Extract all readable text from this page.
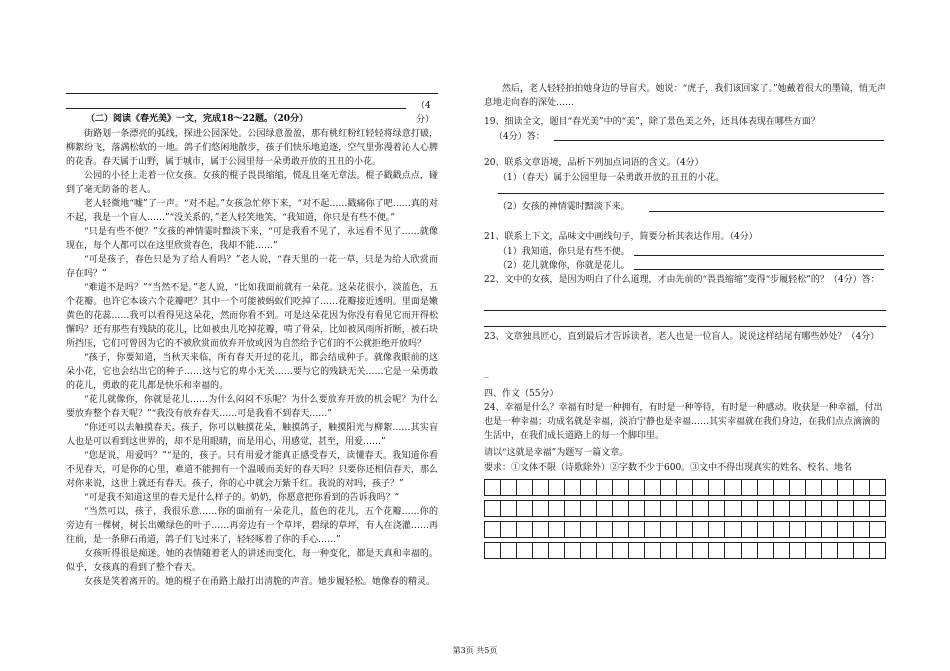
（4分）
（二）阅读《春光美》一文，完成18～22题。（20分）

街路划一条漂亮的弧线，探进公园深处。公园绿意盈盈，那有桃红粉红轻轻将绿意打破，柳絮纷飞，落满松软的一地。鸽子们悠闲地散步，孩子们快乐地追逐，空气里弥漫着沁人心脾的花香。春天属于山野，属于城市，属于公园里每一朵勇敢开放的丑丑的小花。

公园的小径上走着一位女孩。女孩的棍子畏畏缩缩，慌乱且毫无章法。棍子戳戳点点，碰到了毫无防备的老人。

老人轻微地“嘘”了一声。“对不起。”女孩急忙停下来，“对不起……戳痛你了吧……真的对不起，我是一个盲人……”“没关系的，”老人轻笑地笑，“我知道，你只是有些不便。”

“只是有些不便？”女孩的神情霎时黯淡下来，“可是我看不见了，永远看不见了……就像现在，每个人都可以在这里欣赏春色，我却不能……”

“可是孩子，春色只是为了给人看吗？”老人说，“春天里的一花一草，只是为给人欣赏而存在吗？”

“难道不是吗？”“当然不是。”老人说，“比如我面前就有一朵花。这朵花很小，淡蓝色，五个花瓣。也许它本该六个花瓣吧？其中一个可能被蚂蚁们吃掉了……花瓣接近透明。里面是嫩黄色的花蕊……我可以看得见这朵花，然而你看不到。可是这朵花因为你没有看见它而开得松懈吗？还有那些有残缺的花儿，比如被虫儿吃掉花瓣，啃了骨朵，比如被风雨所折断，被石块所挡压，它们可曾因为它的不被欣赏而放弃开放或因为自然给予它们的不公就拒绝开放吗？

“孩子，你要知道，当秋天来临，所有春天开过的花儿，都会结成种子。就像我眼前的这朵小花，它也会结出它的种子……这与它的卑小无关……要与它的残缺无关……它是一朵勇敢的花儿，勇敢的花儿都是快乐和幸福的。

“花儿就像你，你就是花儿……为什么闷闷不乐呢？为什么要放弃开放的机会呢？为什么要放弃整个春天呢？”“我没有放弃春天……可是我看不到春天……”

“你还可以去触摸春天。孩子，你可以触摸花朵，触摸鸽子，触摸阳光与柳絮……其实盲人也是可以看到这世界的，却不是用眼睛，而是用心，用感觉，甚至，用爱……”

“您是说，用爱吗？”“是的，孩子。只有用爱才能真正感受春天，读懂春天。我知道你看不见春天，可是你的心里，难道不能拥有一个温暖而美好的春天吗？只要你还相信春天，那么对你来说，这世上就还有春天。孩子，你的心中就会万紫千红。我说的对吗，孩子？”

“可是我不知道这里的春天是什么样子的。奶奶，你愿意把你看到的告诉我吗？”

“当然可以，孩子，我很乐意……你的面前有一朵花儿，蓝色的花儿，五个花瓣……你的旁边有一棵树，树长出嫩绿色的叶子……再旁边有一个草坪，碧绿的草坪，有人在浇灌……再往前，是一条卵石甬道，鸽子们飞过来了，轻轻啄着了你的手心……”

女孩听得很是痴迷。她的表情随着老人的讲述而变化，每一种变化，都是天真和幸福的。似乎，女孩真的看到了整个春天。

女孩是笑着离开的。她的棍子在甬路上敲打出清脆的声音。她步履轻松。她像春的精灵。

然后，老人轻轻拍拍她身边的导盲犬。她说：“虎子，我们该回家了。”她戴着很大的墨镜，悄无声息地走向春的深处……

19、细读全文，题目“春光美”中的“美”，除了景色美之外，还具体表现在哪些方面？
（4分）答：
20、联系文章语境，品析下列加点词语的含义。（4分）
（1）（春天）属于公园里每一朵勇敢开放的丑丑的小花。
（2）女孩的神情霎时黯淡下来。
21、联系上下文，品味文中画线句子，简要分析其表达作用。（4分）
（1）我知道，你只是有些不便。
（2）花儿就像你，你就是花儿。
22、文中的女孩，是因为明白了什么道理，才由先前的“畏畏缩缩”变得“步履轻松”的？（4分）答：
23、文章独具匠心，直到最后才告诉读者，老人也是一位盲人。说说这样结尾有哪些妙处？（4分）
_
四、作文（55分）
24、幸福是什么？幸福有时是一种拥有，有时是一种等待，有时是一种感动。收获是一种幸福，付出也是一种幸福；功成名就是幸福，淡泊宁静也是幸福……其实幸福就在我们身边，在我们点点滴滴的生活中，在我们成长道路上的每一个脚印里。
请以“这就是幸福”为题写一篇文章。
要求：①文体不限（诗歌除外）②字数不少于600。③文中不得出现真实的姓名、校名、地名

第3页 共5页
